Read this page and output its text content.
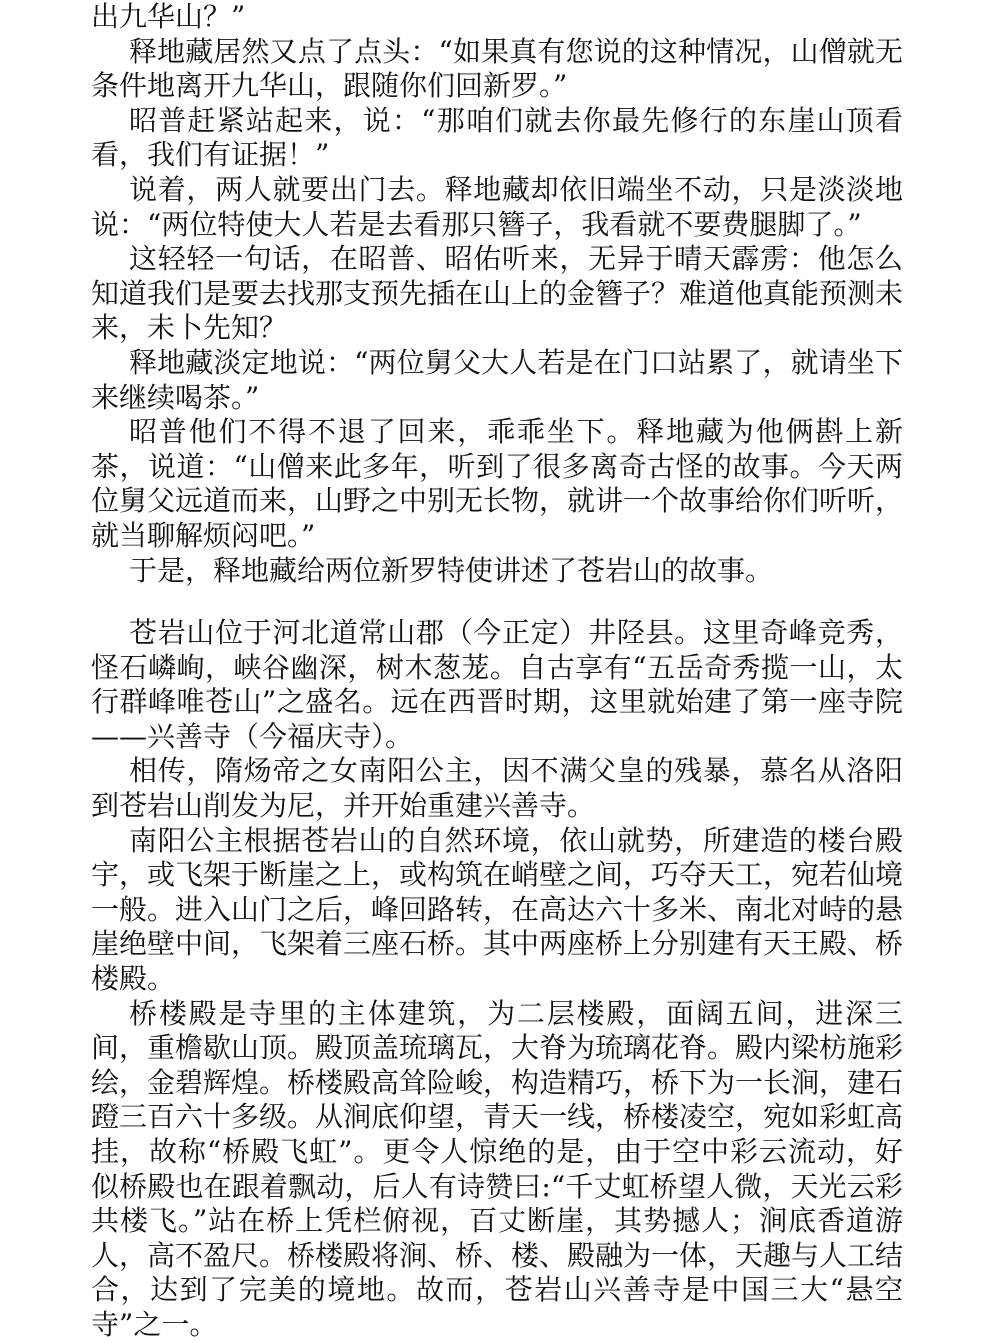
出九华山？”

释地藏居然又点了点头：“如果真有您说的这种情况，山僧就无条件地离开九华山，跟随你们回新罗。”

昭普赶紧站起来，说：“那咱们就去你最先修行的东崖山顶看看，我们有证据！”

说着，两人就要出门去。释地藏却依旧端坐不动，只是淡淡地说：“两位特使大人若是去看那只簪子，我看就不要费腿脚了。”

这轻轻一句话，在昭普、昭佑听来，无异于晴天霹雳：他怎么知道我们是要去找那支预先插在山上的金簪子？难道他真能预测未来，未卜先知？

释地藏淡定地说：“两位舅父大人若是在门口站累了，就请坐下来继续喝茶。”

昭普他们不得不退了回来，乖乖坐下。释地藏为他俩斟上新茶，说道：“山僧来此多年，听到了很多离奇古怪的故事。今天两位舅父远道而来，山野之中别无长物，就讲一个故事给你们听听，就当聊解烦闷吧。”

于是，释地藏给两位新罗特使讲述了苍岩山的故事。

苍岩山位于河北道常山郡（今正定）井陉县。这里奇峰竞秀，怪石嶙峋，峡谷幽深，树木葱茏。自古享有“五岳奇秀揽一山，太行群峰唯苍山”之盛名。远在西晋时期，这里就始建了第一座寺院——兴善寺（今福庆寺）。

相传，隋炀帝之女南阳公主，因不满父皇的残暴，慕名从洛阳到苍岩山削发为尼，并开始重建兴善寺。

南阳公主根据苍岩山的自然环境，依山就势，所建造的楼台殿宇，或飞架于断崖之上，或构筑在峭壁之间，巧夺天工，宛若仙境一般。进入山门之后，峰回路转，在高达六十多米、南北对峙的悬崖绝壁中间，飞架着三座石桥。其中两座桥上分别建有天王殿、桥楼殿。

桥楼殿是寺里的主体建筑，为二层楼殿，面阔五间，进深三间，重檐歇山顶。殿顶盖琉璃瓦，大脊为琉璃花脊。殿内梁枋施彩绘，金碧辉煌。桥楼殿高耸险峻，构造精巧，桥下为一长涧，建石蹬三百六十多级。从涧底仰望，青天一线，桥楼凌空，宛如彩虹高挂，故称“桥殿飞虹”。更令人惊绝的是，由于空中彩云流动，好似桥殿也在跟着飘动，后人有诗赞曰:“千丈虹桥望人微，天光云彩共楼飞。”站在桥上凭栏俯视，百丈断崖，其势撼人；涧底香道游人，高不盈尺。桥楼殿将涧、桥、楼、殿融为一体，天趣与人工结合，达到了完美的境地。故而，苍岩山兴善寺是中国三大“悬空寺”之一。
